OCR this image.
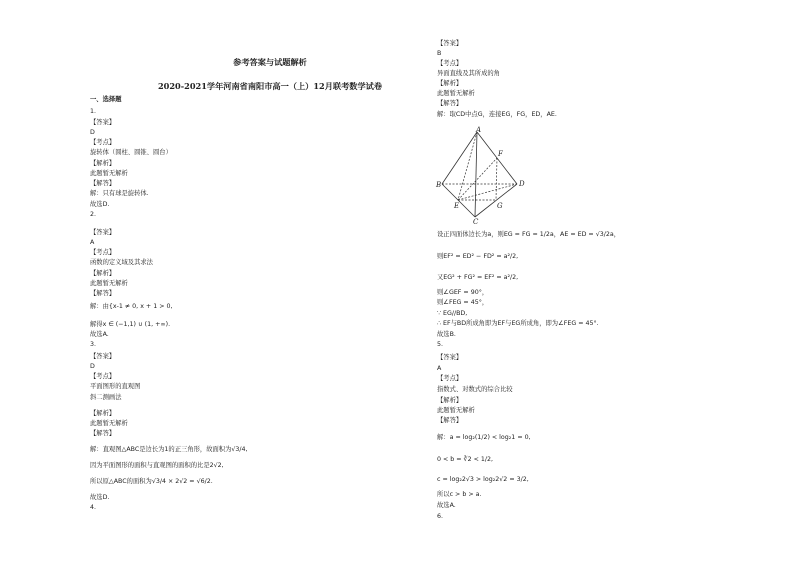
参考答案与试题解析
2020-2021学年河南省南阳市高一（上）12月联考数学试卷
一、选择题
1.
【答案】
D
【考点】
旋转体（圆柱、圆锥、圆台）
【解析】
此题暂无解析
【解答】
解：只有球是旋转体.
故选D.
2.
【答案】
A
【考点】
函数的定义域及其求法
【解析】
此题暂无解析
【解答】
解：由{x-1 ≠ 0, x + 1 > 0,
解得x ∈ (−1,1) ∪ (1, +∞).
故选A.
3.
【答案】
D
【考点】
平面图形的直观图
斜二测画法
【解析】
此题暂无解析
【解答】
解：直观图△ABC是边长为1的正三角形，故面积为√3/4,
因为平面图形的面积与直观图的面积的比是2√2,
所以原△ABC的面积为√3/4 × 2√2 = √6/2.
故选D.
4.
【答案】
B
【考点】
异面直线及其所成的角
【解析】
此题暂无解析
【解答】
解：取CD中点G，连接EG，FG，ED，AE.
A
F
B	D
E	G
C
设正四面体边长为a，则EG = FG = 1/2a，AE = ED = √3/2a，
则EF² = ED² − FD² = a²/2,
又EG² + FG² = EF² = a²/2,
则∠GEF = 90°，
则∠FEG = 45°，
∵ EG//BD,
∴ EF与BD所成角即为EF与EG所成角，即为∠FEG = 45°.
故选B.
5.
【答案】
A
【考点】
指数式、对数式的综合比较
【解析】
此题暂无解析
【解答】
解：a = log₂(1/2) < log₂1 = 0,
0 < b = ∛2 < 1/2,
c = log₂2√3 > log₂2√2 = 3/2,
所以c > b > a.
故选A.
6.
